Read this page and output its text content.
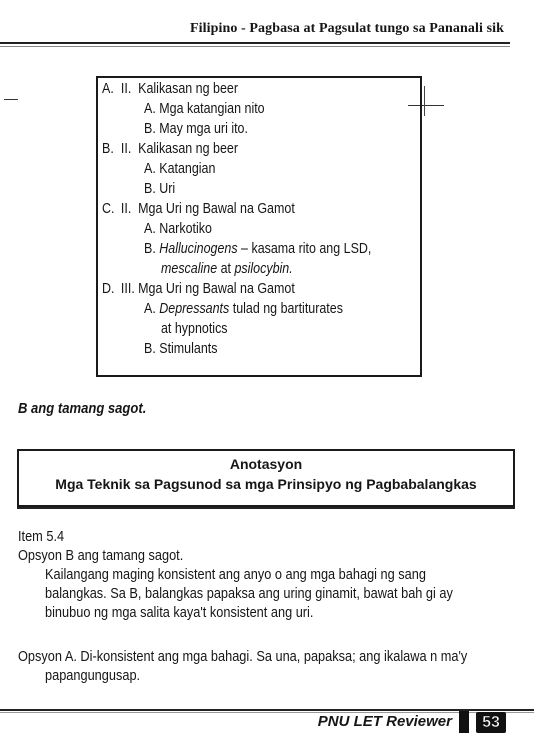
Filipino - Pagbasa at Pagsulat tungo sa Pananali sik
A. II. Kalikasan ng beer
A. Mga katangian nito
B. May mga uri ito.
B. II. Kalikasan ng beer
A. Katangian
B. Uri
C. II. Mga Uri ng Bawal na Gamot
A. Narkotiko
B. Hallucinogens – kasama rito ang LSD,
mescaline at psilocybin.
D. III. Mga Uri ng Bawal na Gamot
A. Depressants tulad ng bartiturates
at hypnotics
B. Stimulants
B ang tamang sagot.
Anotasyon
Mga Teknik sa Pagsunod sa mga Prinsipyo ng Pagbabalangkas
Item 5.4
Opsyon B ang tamang sagot.
Kailangang maging konsistent ang anyo o ang mga bahagi ng sang
balangkas. Sa B, balangkas papaksa ang uring ginamit, bawat bah gi ay
binubuo ng mga salita kaya't konsistent ang uri.
Opsyon A. Di-konsistent ang mga bahagi. Sa una, papaksa; ang ikalawa n ma'y
papangungusap.
PNU LET Reviewer	53
